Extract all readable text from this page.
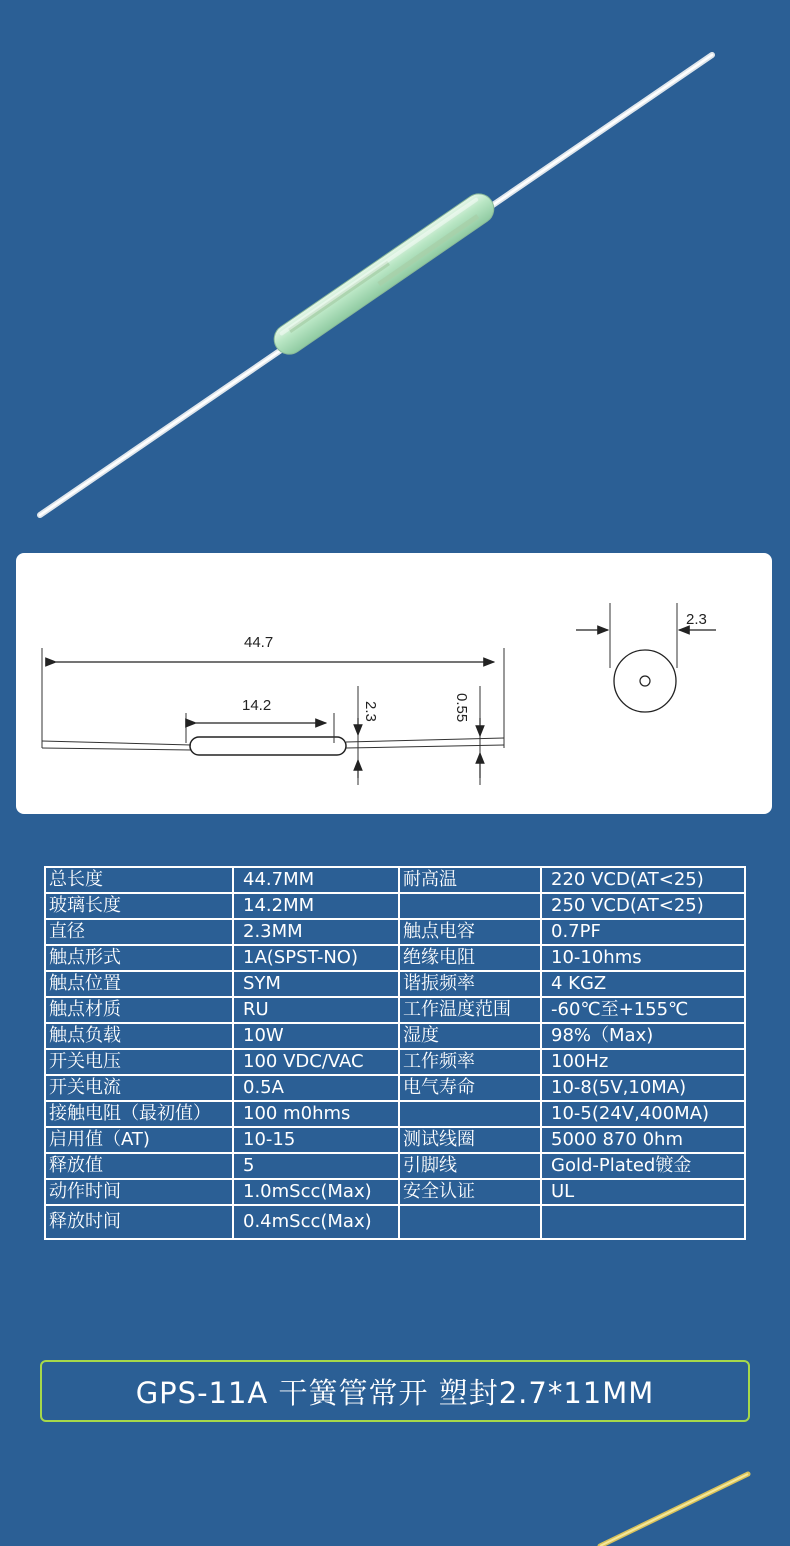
44.7
14.2	2.3	0.55
2.3
总长度	44.7MM	耐高温	220 VCD(AT<25)
玻璃长度	14.2MM		250 VCD(AT<25)
直径	2.3MM	触点电容	0.7PF
触点形式	1A(SPST-NO)	绝缘电阻	10-10hms
触点位置	SYM	谐振频率	4 KGZ
触点材质	RU	工作温度范围	-60℃至+155℃
触点负载	10W	湿度	98%（Max)
开关电压	100 VDC/VAC	工作频率	100Hz
开关电流	0.5A	电气寿命	10-8(5V,10MA)
接触电阻（最初值）	100 m0hms		10-5(24V,400MA)
启用值（AT)	10-15	测试线圈	5000 870 0hm
释放值	5	引脚线	Gold-Plated镀金
动作时间	1.0mScc(Max)	安全认证	UL
释放时间	0.4mScc(Max)		
GPS-11A 干簧管常开 塑封2.7*11MM
